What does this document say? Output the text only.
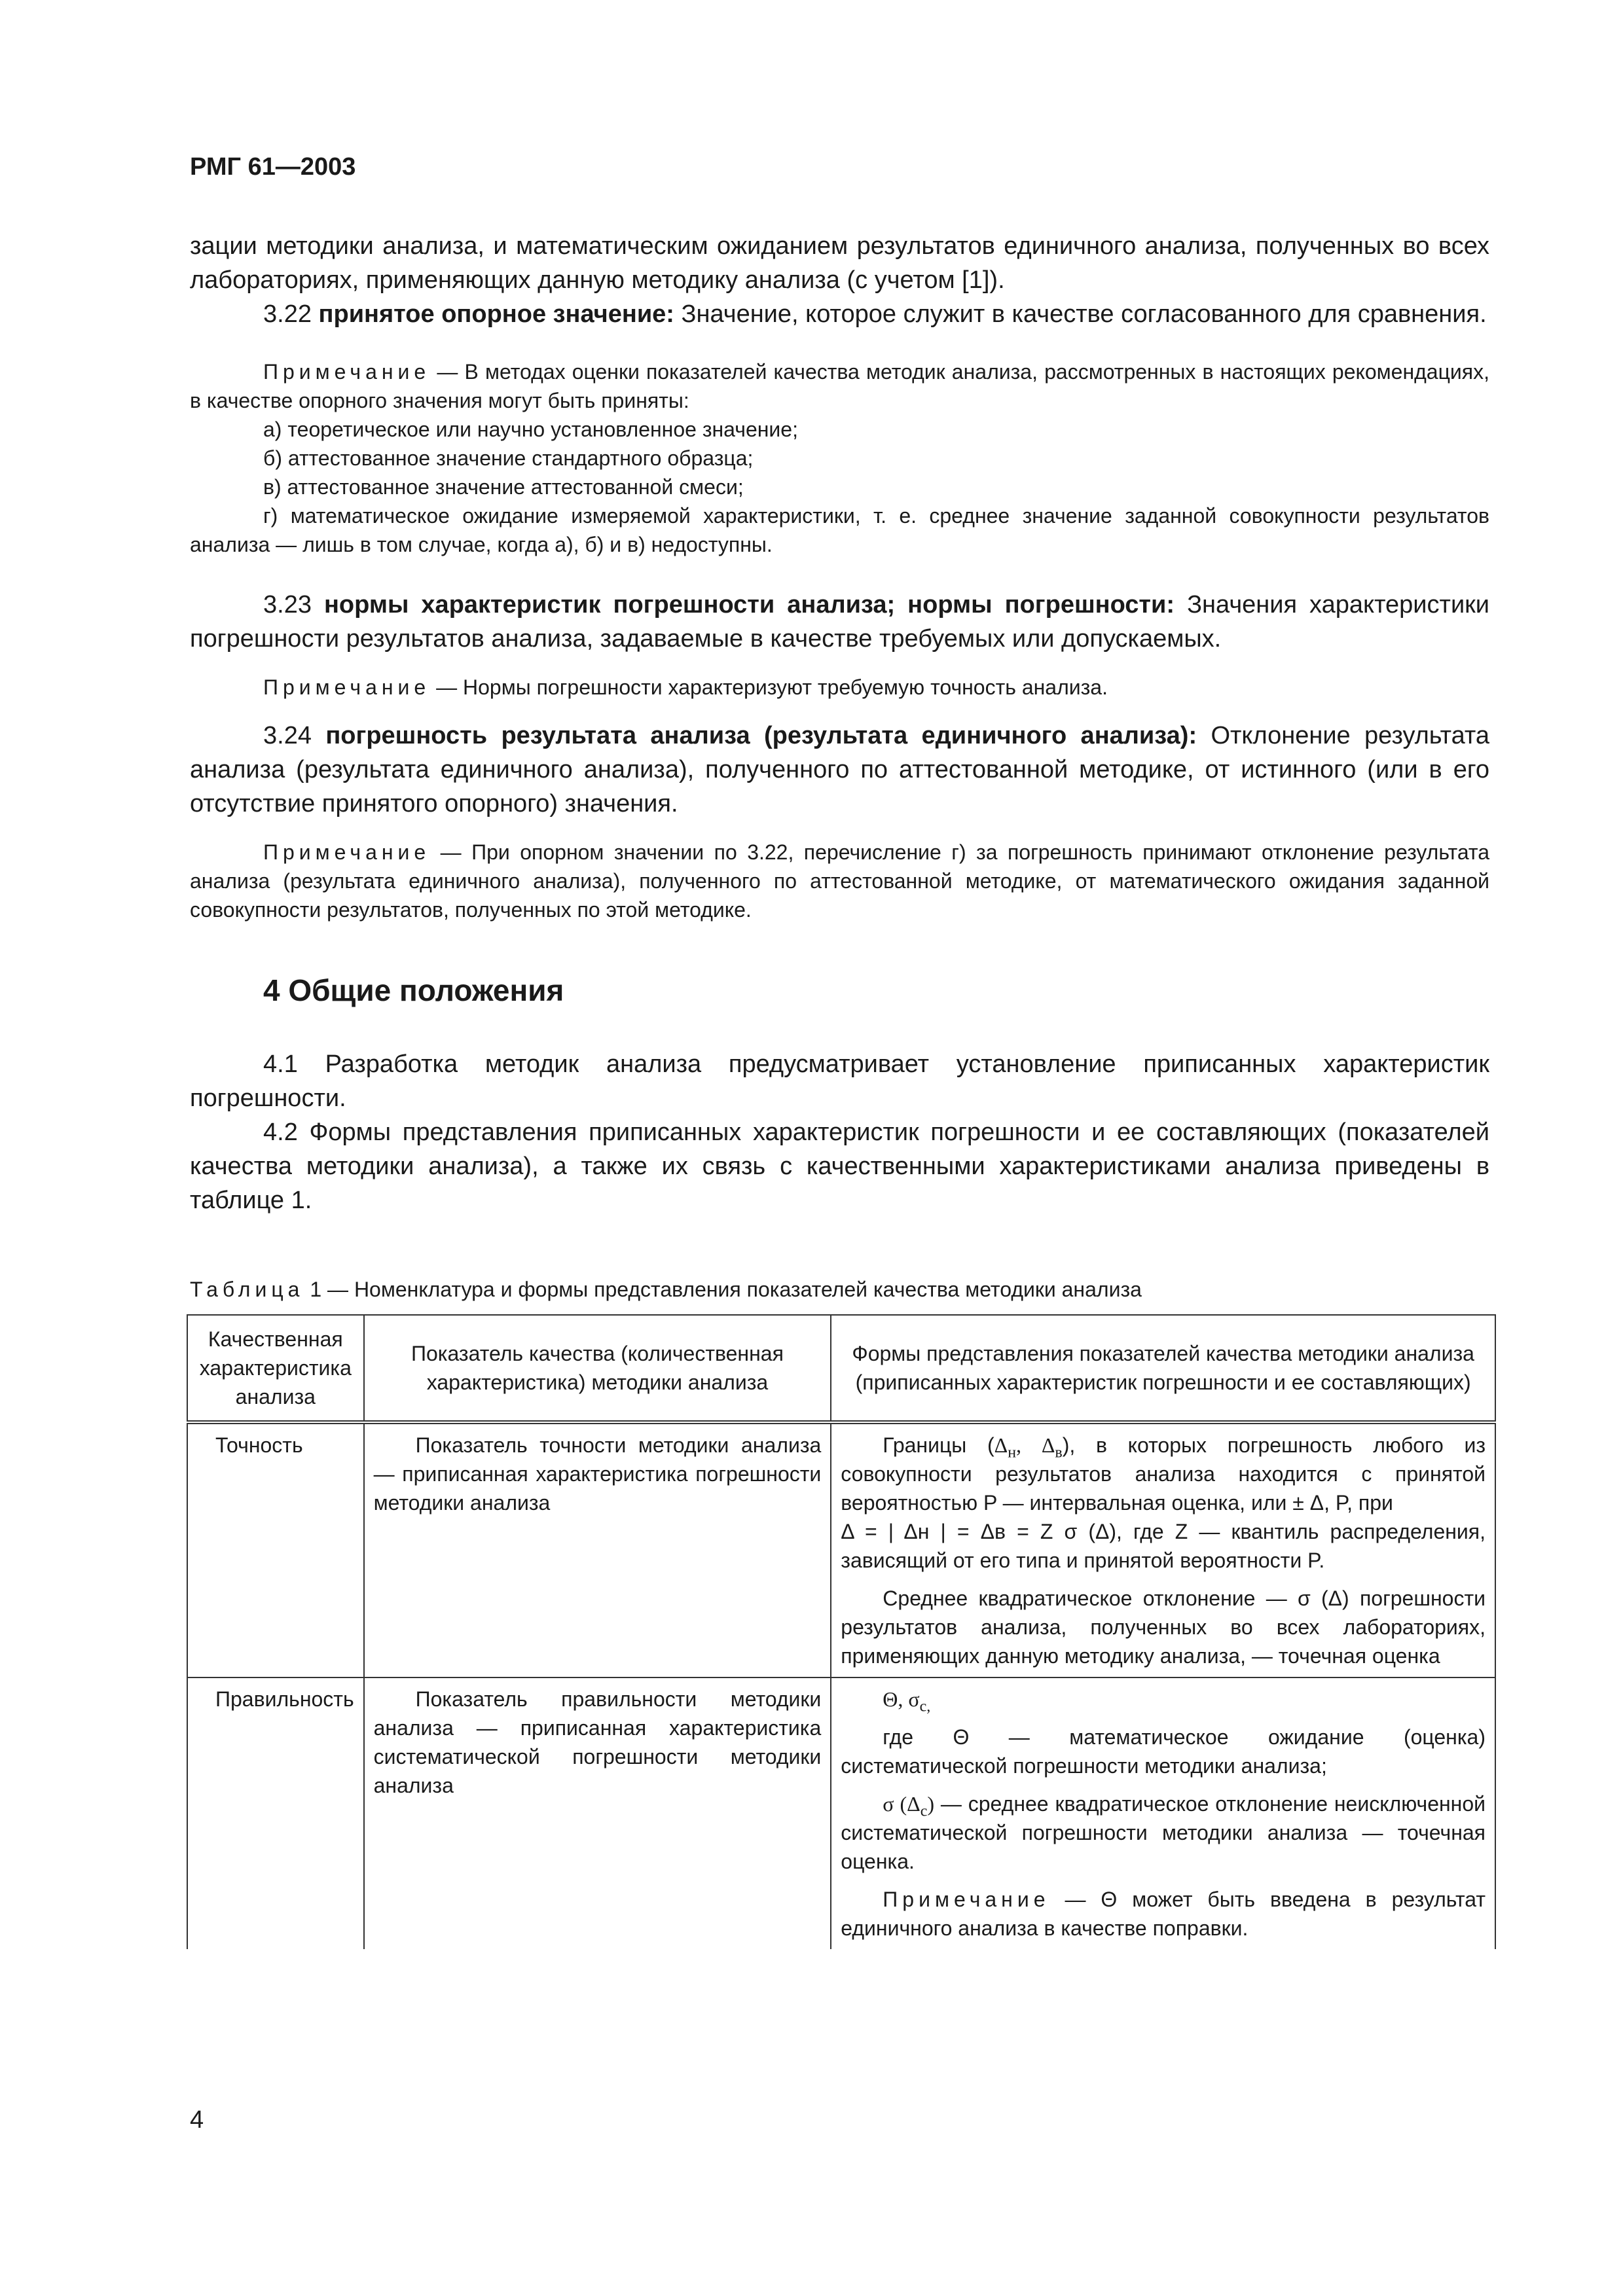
РМГ 61—2003

зации методики анализа, и математическим ожиданием результатов единичного анализа, полученных во всех лабораториях, применяющих данную методику анализа (с учетом [1]).

3.22 принятое опорное значение: Значение, которое служит в качестве согласованного для сравнения.

Примечание — В методах оценки показателей качества методик анализа, рассмотренных в настоящих рекомендациях, в качестве опорного значения могут быть приняты:

а) теоретическое или научно установленное значение;

б) аттестованное значение стандартного образца;

в) аттестованное значение аттестованной смеси;

г) математическое ожидание измеряемой характеристики, т. е. среднее значение заданной совокупности результатов анализа — лишь в том случае, когда а), б) и в) недоступны.

3.23 нормы характеристик погрешности анализа; нормы погрешности: Значения характеристики погрешности результатов анализа, задаваемые в качестве требуемых или допускаемых.

Примечание — Нормы погрешности характеризуют требуемую точность анализа.

3.24 погрешность результата анализа (результата единичного анализа): Отклонение результата анализа (результата единичного анализа), полученного по аттестованной методике, от истинного (или в его отсутствие принятого опорного) значения.

Примечание — При опорном значении по 3.22, перечисление г) за погрешность принимают отклонение результата анализа (результата единичного анализа), полученного по аттестованной методике, от математического ожидания заданной совокупности результатов, полученных по этой методике.

4 Общие положения

4.1 Разработка методик анализа предусматривает установление приписанных характеристик погрешности.

4.2 Формы представления приписанных характеристик погрешности и ее составляющих (показателей качества методики анализа), а также их связь с качественными характеристиками анализа приведены в таблице 1.

Таблица 1 — Номенклатура и формы представления показателей качества методики анализа

Качественная характеристика анализа	Показатель качества (количественная характеристика) методики анализа	Формы представления показателей качества методики анализа (приписанных характеристик погрешности и ее составляющих)

Точность	Показатель точности методики анализа — приписанная характеристика погрешности методики анализа	Границы ($\Delta_н$, $\Delta_в$), в которых погрешность любого из совокупности результатов анализа находится с принятой вероятностью P — интервальная оценка, или ± Δ, P, при

Δ = | Δн | = Δв = Z σ (Δ), где Z — квантиль распределения, зависящий от его типа и принятой вероятности P.

Среднее квадратическое отклонение — σ (Δ) погрешности результатов анализа, полученных во всех лабораториях, применяющих данную методику анализа, — точечная оценка

Правильность	Показатель правильности методики анализа — приписанная характеристика систематической погрешности методики анализа	Θ, $\sigma_{c,}$

где Θ — математическое ожидание (оценка) систематической погрешности методики анализа;

σ $(\Delta_c)$ — среднее квадратическое отклонение неисключенной систематической погрешности методики анализа — точечная оценка.

Примечание — Θ может быть введена в результат единичного анализа в качестве поправки.

4
